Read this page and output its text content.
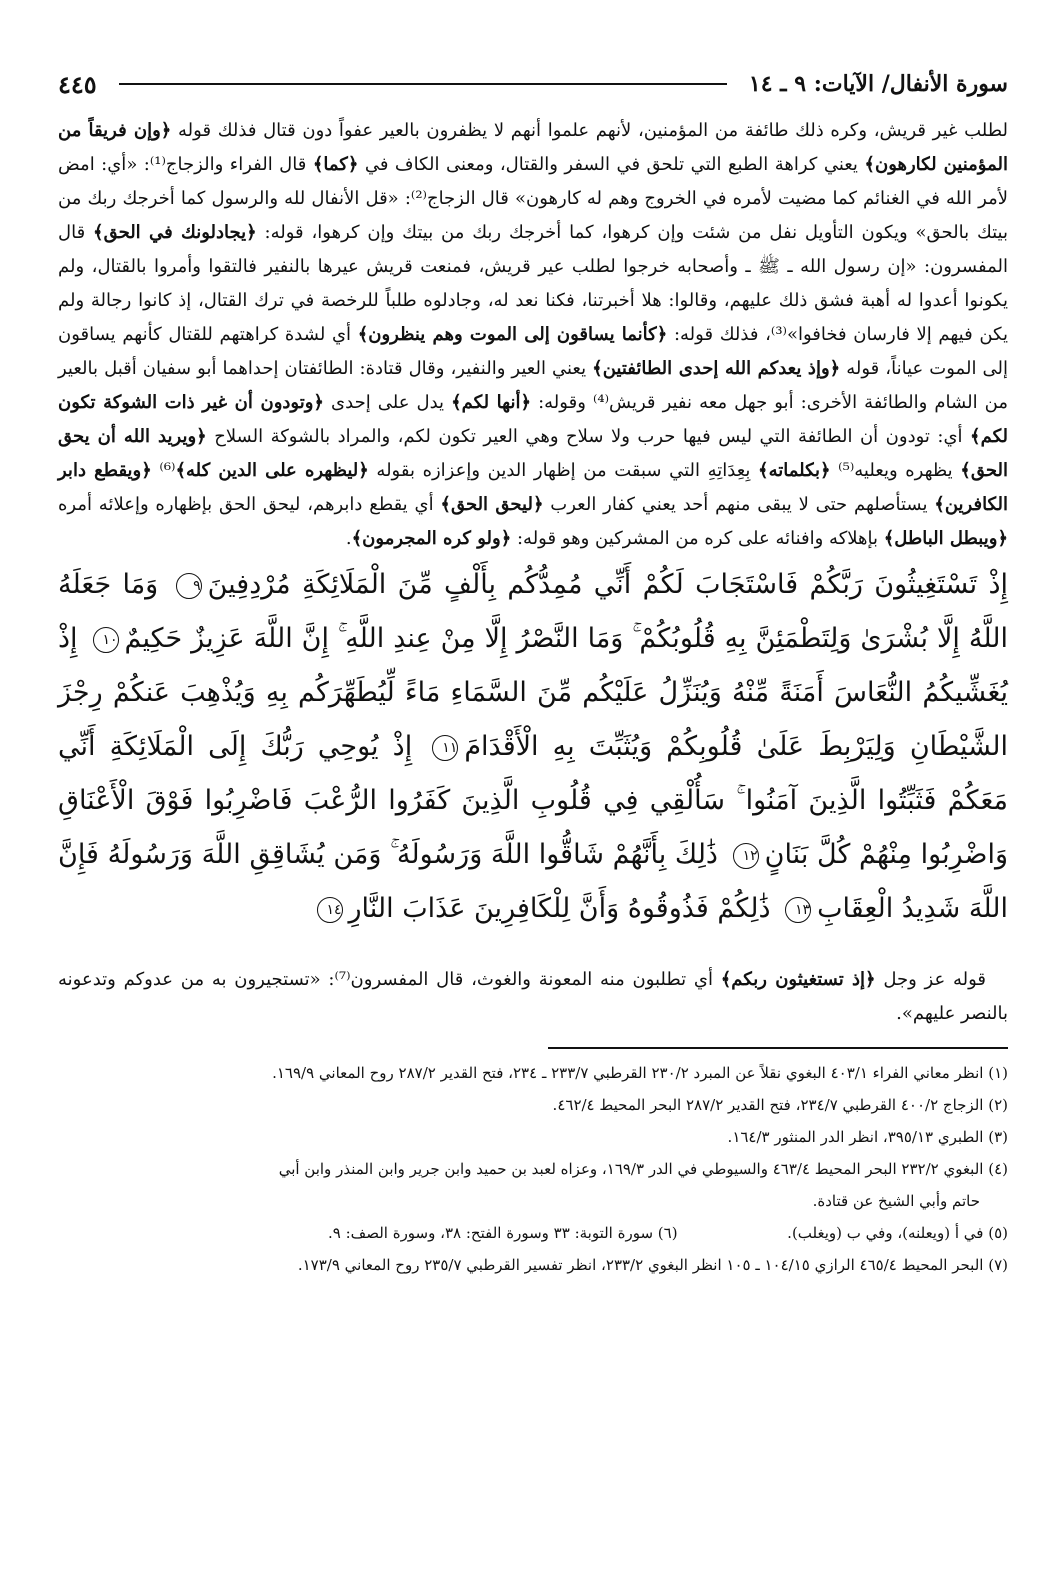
سورة الأنفال/ الآيات: ٩ ـ ١٤
٤٤٥

لطلب غير قريش، وكره ذلك طائفة من المؤمنين، لأنهم علموا أنهم لا يظفرون بالعير عفواً دون قتال فذلك قوله ﴿وإن فريقاً من المؤمنين لكارهون﴾ يعني كراهة الطبع التي تلحق في السفر والقتال، ومعنى الكاف في ﴿كما﴾ قال الفراء والزجاج⁽¹⁾: «أي: امض لأمر الله في الغنائم كما مضيت لأمره في الخروج وهم له كارهون» قال الزجاج⁽²⁾: «قل الأنفال لله والرسول كما أخرجك ربك من بيتك بالحق» ويكون التأويل نفل من شئت وإن كرهوا، كما أخرجك ربك من بيتك وإن كرهوا، قوله: ﴿يجادلونك في الحق﴾ قال المفسرون: «إن رسول الله ـ ﷺ ـ وأصحابه خرجوا لطلب عير قريش، فمنعت قريش عيرها بالنفير فالتقوا وأمروا بالقتال، ولم يكونوا أعدوا له أهبة فشق ذلك عليهم، وقالوا: هلا أخبرتنا، فكنا نعد له، وجادلوه طلباً للرخصة في ترك القتال، إذ كانوا رجالة ولم يكن فيهم إلا فارسان فخافوا»⁽³⁾، فذلك قوله: ﴿كأنما يساقون إلى الموت وهم ينظرون﴾ أي لشدة كراهتهم للقتال كأنهم يساقون إلى الموت عياناً، قوله ﴿وإذ يعدكم الله إحدى الطائفتين﴾ يعني العير والنفير، وقال قتادة: الطائفتان إحداهما أبو سفيان أقبل بالعير من الشام والطائفة الأخرى: أبو جهل معه نفير قريش⁽⁴⁾ وقوله: ﴿أنها لكم﴾ يدل على إحدى ﴿وتودون أن غير ذات الشوكة تكون لكم﴾ أي: تودون أن الطائفة التي ليس فيها حرب ولا سلاح وهي العير تكون لكم، والمراد بالشوكة السلاح ﴿ويريد الله أن يحق الحق﴾ يظهره ويعليه⁽⁵⁾ ﴿بكلماته﴾ بِعِدَاتِهِ التي سبقت من إظهار الدين وإعزازه بقوله ﴿ليظهره على الدين كله﴾⁽⁶⁾ ﴿ويقطع دابر الكافرين﴾ يستأصلهم حتى لا يبقى منهم أحد يعني كفار العرب ﴿ليحق الحق﴾ أي يقطع دابرهم، ليحق الحق بإظهاره وإعلائه أمره ﴿ويبطل الباطل﴾ بإهلاكه وافنائه على كره من المشركين وهو قوله: ﴿ولو كره المجرمون﴾.

إِذْ تَسْتَغِيثُونَ رَبَّكُمْ فَاسْتَجَابَ لَكُمْ أَنِّي مُمِدُّكُم بِأَلْفٍ مِّنَ الْمَلَائِكَةِ مُرْدِفِينَ٩ وَمَا جَعَلَهُ اللَّهُ إِلَّا بُشْرَىٰ وَلِتَطْمَئِنَّ بِهِ قُلُوبُكُمْ ۚ وَمَا النَّصْرُ إِلَّا مِنْ عِندِ اللَّهِ ۚ إِنَّ اللَّهَ عَزِيزٌ حَكِيمٌ١٠ إِذْ يُغَشِّيكُمُ النُّعَاسَ أَمَنَةً مِّنْهُ وَيُنَزِّلُ عَلَيْكُم مِّنَ السَّمَاءِ مَاءً لِّيُطَهِّرَكُم بِهِ وَيُذْهِبَ عَنكُمْ رِجْزَ الشَّيْطَانِ وَلِيَرْبِطَ عَلَىٰ قُلُوبِكُمْ وَيُثَبِّتَ بِهِ الْأَقْدَامَ١١ إِذْ يُوحِي رَبُّكَ إِلَى الْمَلَائِكَةِ أَنِّي مَعَكُمْ فَثَبِّتُوا الَّذِينَ آمَنُوا ۚ سَأُلْقِي فِي قُلُوبِ الَّذِينَ كَفَرُوا الرُّعْبَ فَاضْرِبُوا فَوْقَ الْأَعْنَاقِ وَاضْرِبُوا مِنْهُمْ كُلَّ بَنَانٍ١٢ ذَٰلِكَ بِأَنَّهُمْ شَاقُّوا اللَّهَ وَرَسُولَهُ ۚ وَمَن يُشَاقِقِ اللَّهَ وَرَسُولَهُ فَإِنَّ اللَّهَ شَدِيدُ الْعِقَابِ١٣ ذَٰلِكُمْ فَذُوقُوهُ وَأَنَّ لِلْكَافِرِينَ عَذَابَ النَّارِ١٤

قوله عز وجل ﴿إذ تستغيثون ربكم﴾ أي تطلبون منه المعونة والغوث، قال المفسرون⁽⁷⁾: «تستجيرون به من عدوكم وتدعونه بالنصر عليهم».

(١) انظر معاني الفراء ٤٠٣/١ البغوي نقلاً عن المبرد ٢٣٠/٢ القرطبي ٢٣٣/٧ ـ ٢٣٤، فتح القدير ٢٨٧/٢ روح المعاني ١٦٩/٩.

(٢) الزجاج ٤٠٠/٢ القرطبي ٢٣٤/٧، فتح القدير ٢٨٧/٢ البحر المحيط ٤٦٢/٤.

(٣) الطبري ٣٩٥/١٣، انظر الدر المنثور ١٦٤/٣.

(٤) البغوي ٢٣٢/٢ البحر المحيط ٤٦٣/٤ والسيوطي في الدر ١٦٩/٣، وعزاه لعبد بن حميد وابن جرير وابن المنذر وابن أبي

حاتم وأبي الشيخ عن قتادة.

(٥) في أ (ويعلنه)، وفي ب (ويغلب).
(٦) سورة التوبة: ٣٣ وسورة الفتح: ٣٨، وسورة الصف: ٩.

(٧) البحر المحيط ٤٦٥/٤ الرازي ١٠٤/١٥ ـ ١٠٥ انظر البغوي ٢٣٣/٢، انظر تفسير القرطبي ٢٣٥/٧ روح المعاني ١٧٣/٩.
